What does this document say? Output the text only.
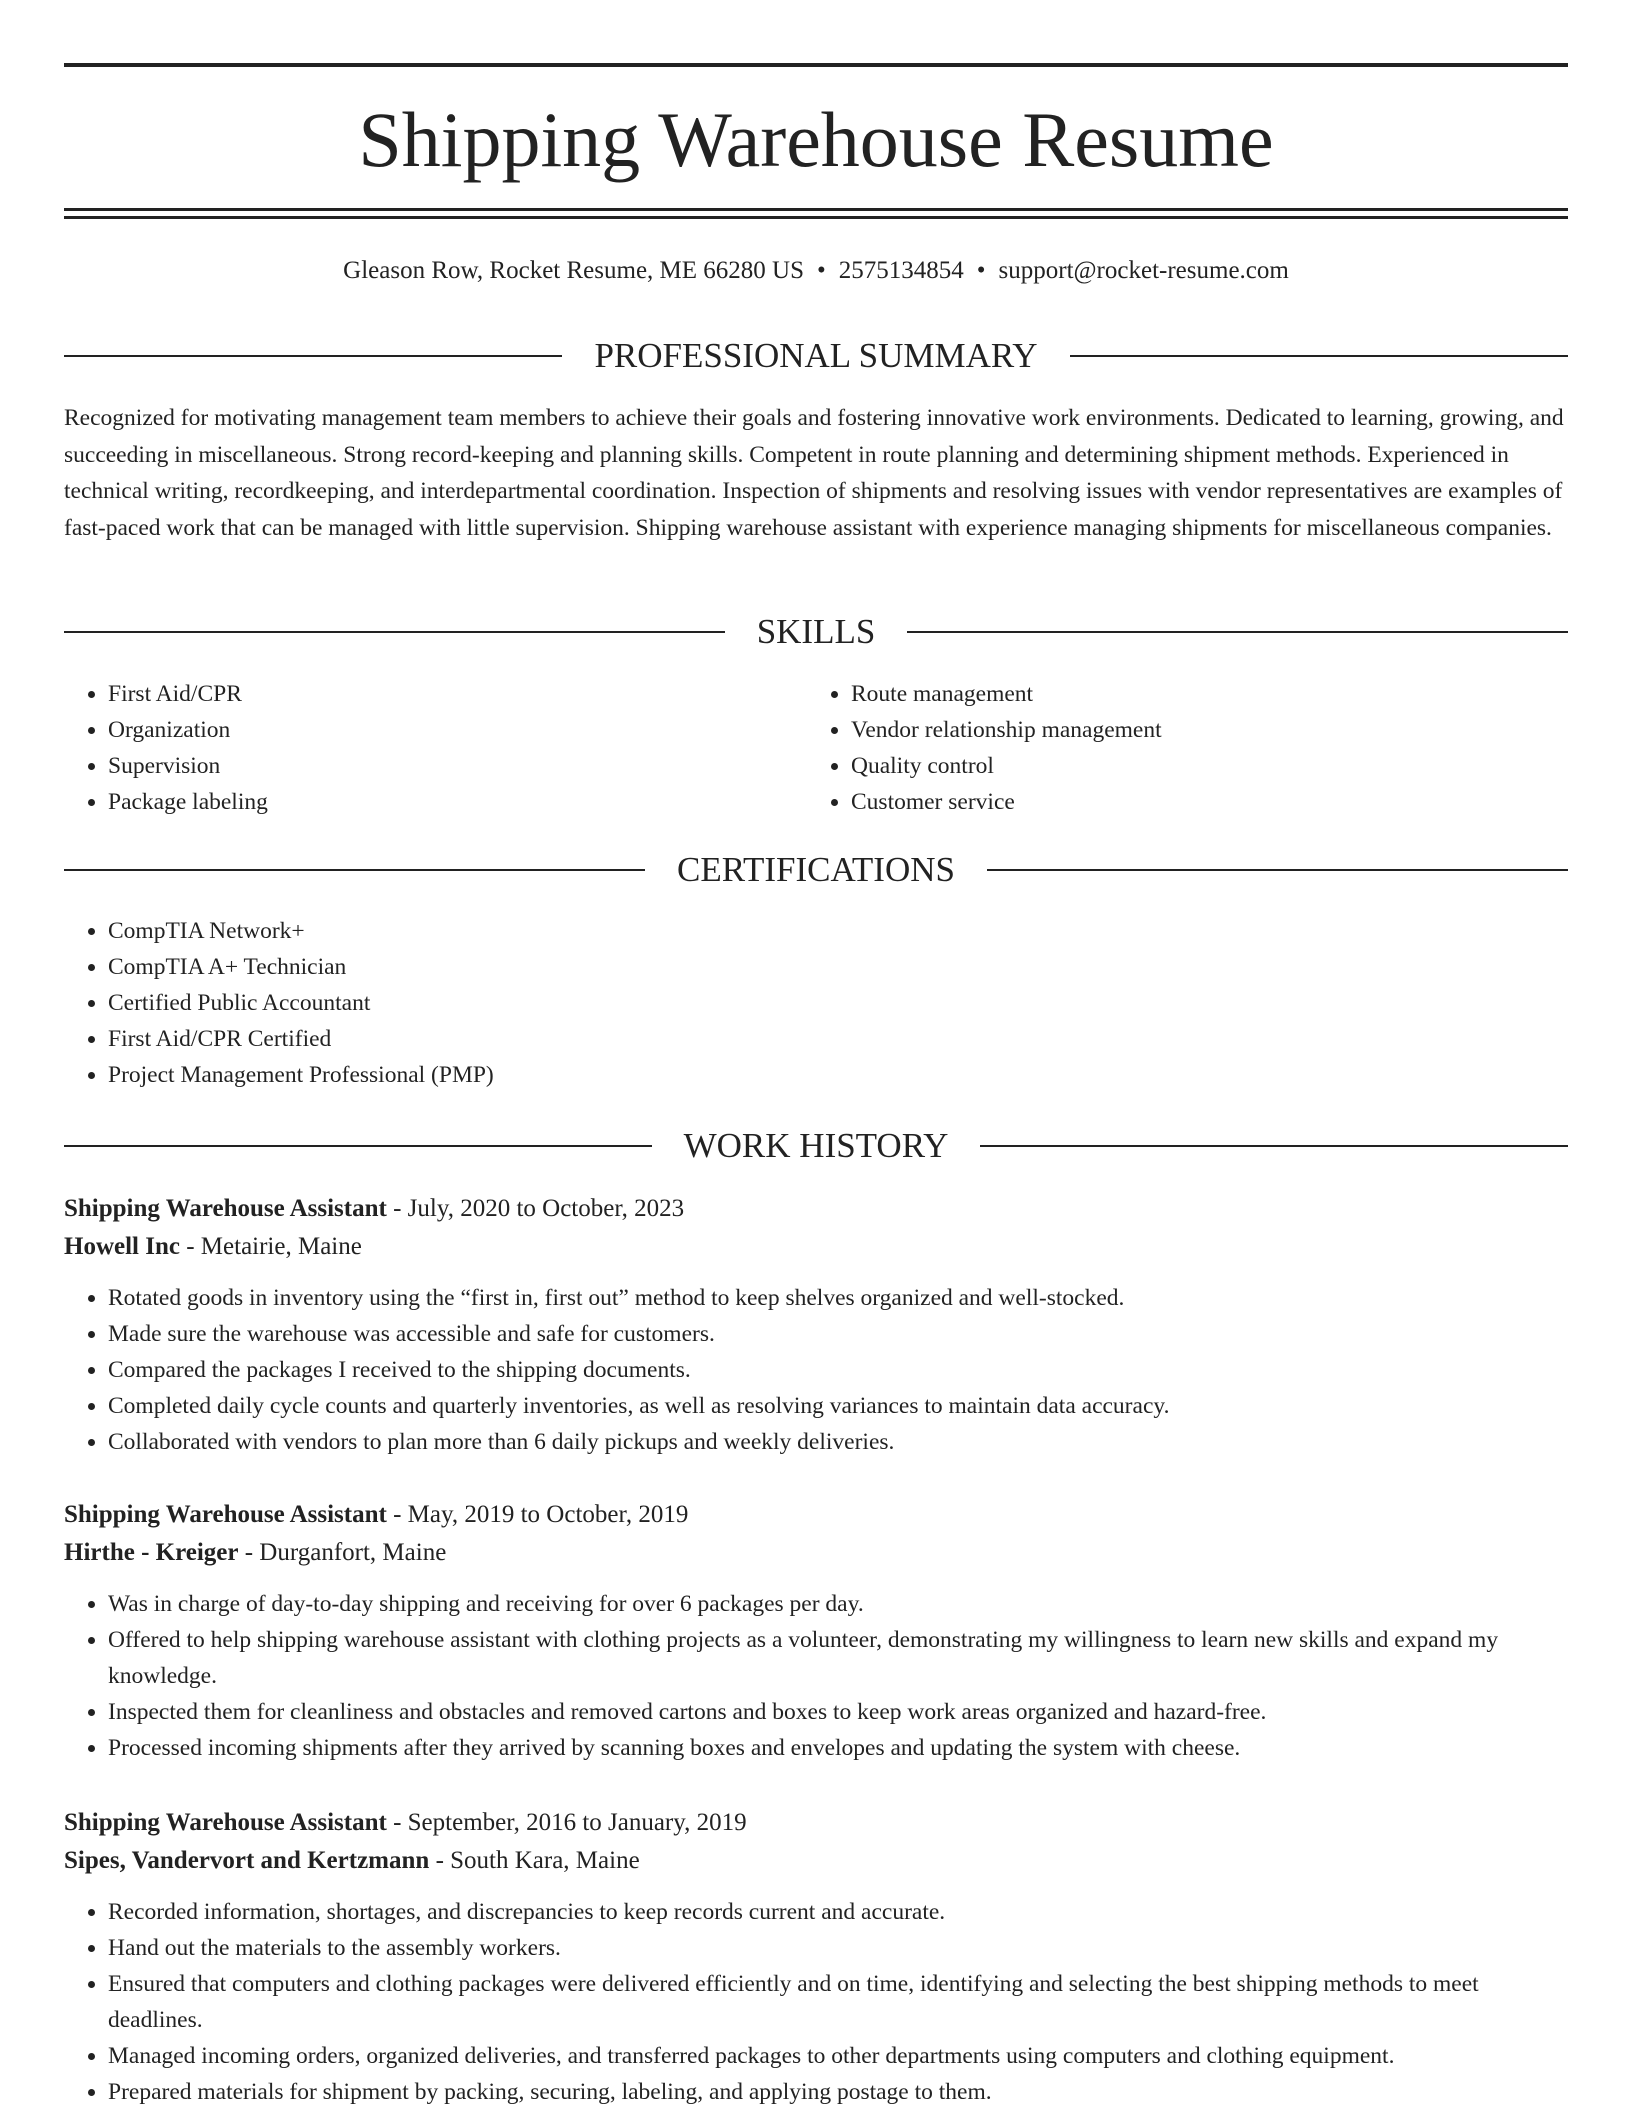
Shipping Warehouse Resume
Gleason Row, Rocket Resume, ME 66280 US • 2575134854 • support@rocket-resume.com
PROFESSIONAL SUMMARY

Recognized for motivating management team members to achieve their goals and fostering innovative work environments. Dedicated to learning, growing, and succeeding in miscellaneous. Strong record-keeping and planning skills. Competent in route planning and determining shipment methods. Experienced in technical writing, recordkeeping, and interdepartmental coordination. Inspection of shipments and resolving issues with vendor representatives are examples of fast-paced work that can be managed with little supervision. Shipping warehouse assistant with experience managing shipments for miscellaneous companies.

SKILLS
• First Aid/CPR
• Organization
• Supervision
• Package labeling
• Route management
• Vendor relationship management
• Quality control
• Customer service
CERTIFICATIONS
• CompTIA Network+
• CompTIA A+ Technician
• Certified Public Accountant
• First Aid/CPR Certified
• Project Management Professional (PMP)
WORK HISTORY
Shipping Warehouse Assistant - July, 2020 to October, 2023
Howell Inc - Metairie, Maine
• Rotated goods in inventory using the “first in, first out” method to keep shelves organized and well-stocked.
• Made sure the warehouse was accessible and safe for customers.
• Compared the packages I received to the shipping documents.
• Completed daily cycle counts and quarterly inventories, as well as resolving variances to maintain data accuracy.
• Collaborated with vendors to plan more than 6 daily pickups and weekly deliveries.
Shipping Warehouse Assistant - May, 2019 to October, 2019
Hirthe - Kreiger - Durganfort, Maine
• Was in charge of day-to-day shipping and receiving for over 6 packages per day.
• Offered to help shipping warehouse assistant with clothing projects as a volunteer, demonstrating my willingness to learn new skills and expand my knowledge.
• Inspected them for cleanliness and obstacles and removed cartons and boxes to keep work areas organized and hazard-free.
• Processed incoming shipments after they arrived by scanning boxes and envelopes and updating the system with cheese.
Shipping Warehouse Assistant - September, 2016 to January, 2019
Sipes, Vandervort and Kertzmann - South Kara, Maine
• Recorded information, shortages, and discrepancies to keep records current and accurate.
• Hand out the materials to the assembly workers.
• Ensured that computers and clothing packages were delivered efficiently and on time, identifying and selecting the best shipping methods to meet deadlines.
• Managed incoming orders, organized deliveries, and transferred packages to other departments using computers and clothing equipment.
• Prepared materials for shipment by packing, securing, labeling, and applying postage to them.
